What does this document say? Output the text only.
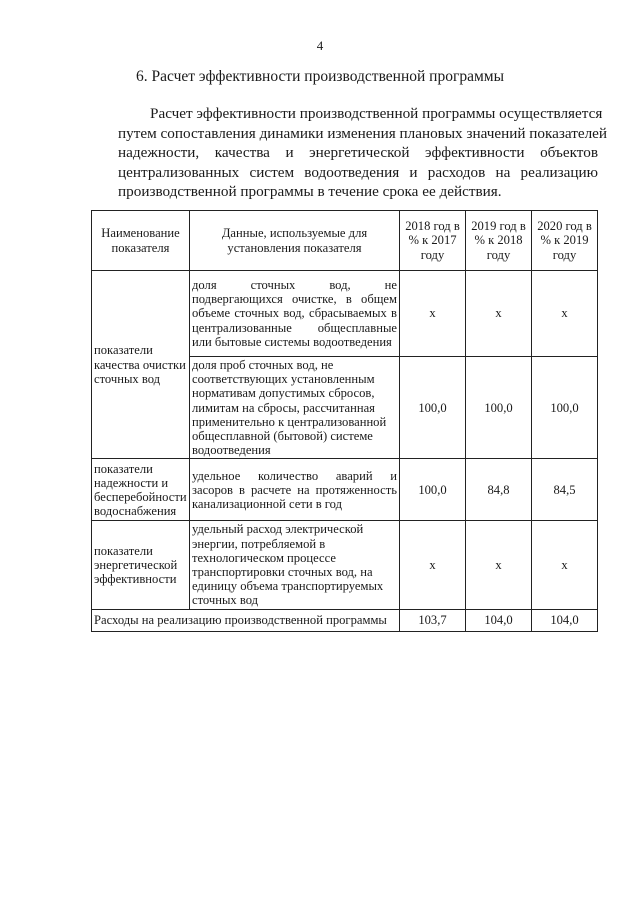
4
6. Расчет эффективности производственной программы
Расчет эффективности производственной программы осуществляется
путем сопоставления динамики изменения плановых значений показателей
надежности, качества и энергетической эффективности объектов
централизованных систем водоотведения и расходов на реализацию
производственной программы в течение срока ее действия.
Наименование показателя	Данные, используемые для установления показателя	2018 год в % к 2017 году	2019 год в % к 2018 году	2020 год в % к 2019 году
показатели качества очистки сточных вод	доля сточных вод, не подвергающихся очистке, в общем объеме сточных вод, сбрасываемых в централизованные общесплавные или бытовые системы водоотведения	х	х	х
	доля проб сточных вод, не соответствующих установленным нормативам допустимых сбросов, лимитам на сбросы, рассчитанная применительно к централизованной общесплавной (бытовой) системе водоотведения	100,0	100,0	100,0
показатели надежности и бесперебойности водоснабжения	удельное количество аварий и засоров в расчете на протяженность канализационной сети в год	100,0	84,8	84,5
показатели энергетической эффективности	удельный расход электрической энергии, потребляемой в технологическом процессе транспортировки сточных вод, на единицу объема транспортируемых сточных вод	х	х	х
Расходы на реализацию производственной программы		103,7	104,0	104,0
